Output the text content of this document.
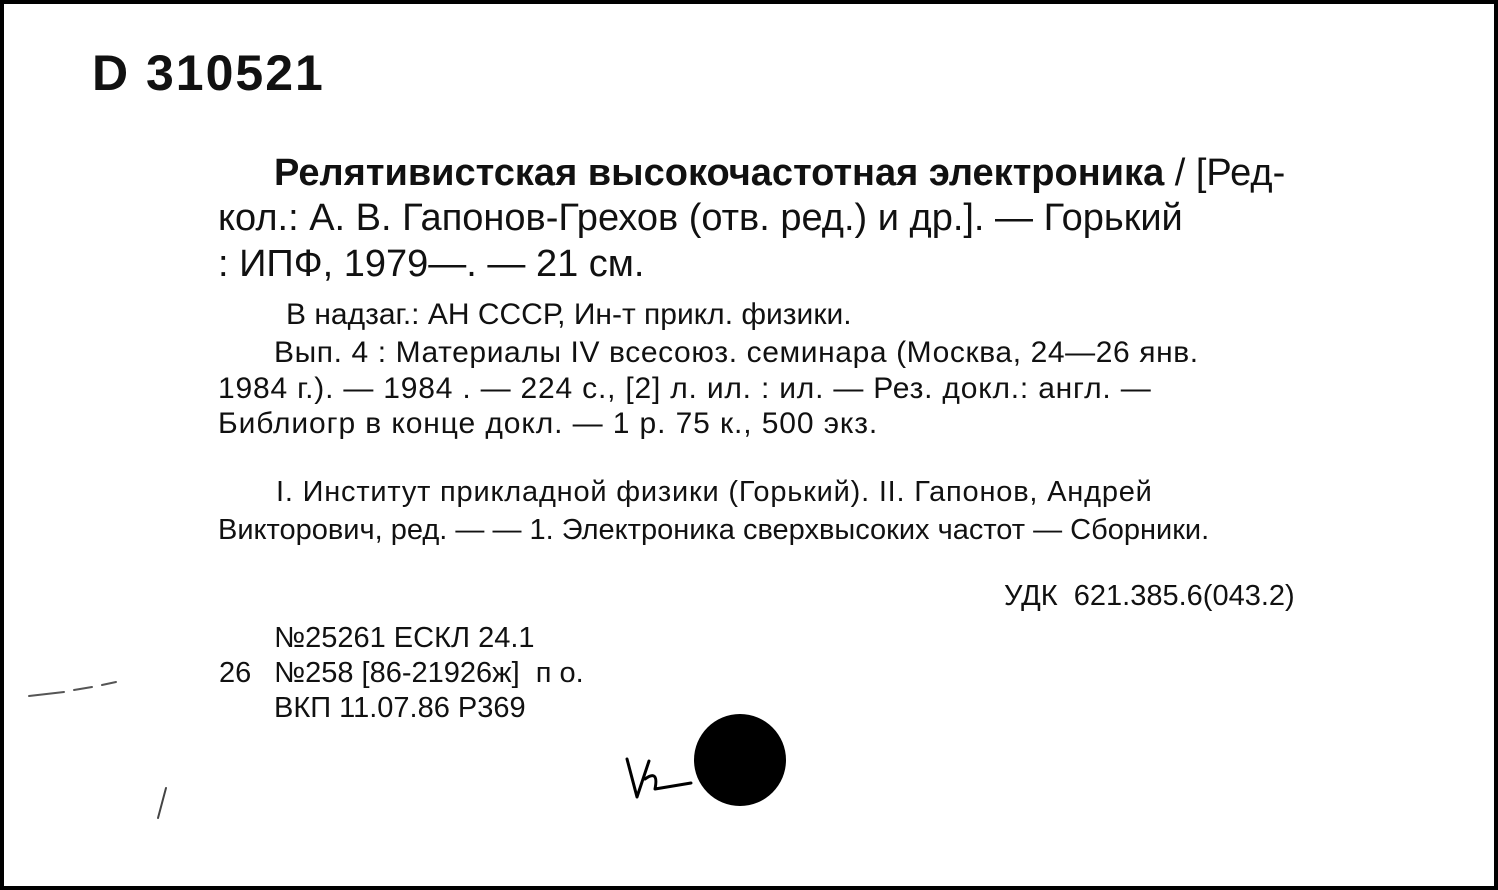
D 310521
Релятивистская высокочастотная электроника / [Ред-
кол.: А. В. Гапонов-Грехов (отв. ред.) и др.]. — Горький
: ИПФ, 1979—. — 21 см.
В надзаг.: АН СССР, Ин-т прикл. физики.
Вып. 4 : Материалы IV всесоюз. семинара (Москва, 24—26 янв.
1984 г.). — 1984 . — 224 с., [2] л. ил. : ил. — Рез. докл.: англ. —
Библиогр в конце докл. — 1 р. 75 к., 500 экз.
I. Институт прикладной физики (Горький). II. Гапонов, Андрей
Викторович, ред. — — 1. Электроника сверхвысоких частот — Сборники.
УДК  621.385.6(043.2)
№25261 ЕСКЛ 24.1
26 №258 [86-21926ж]  п о.
ВКП 11.07.86 Р369
